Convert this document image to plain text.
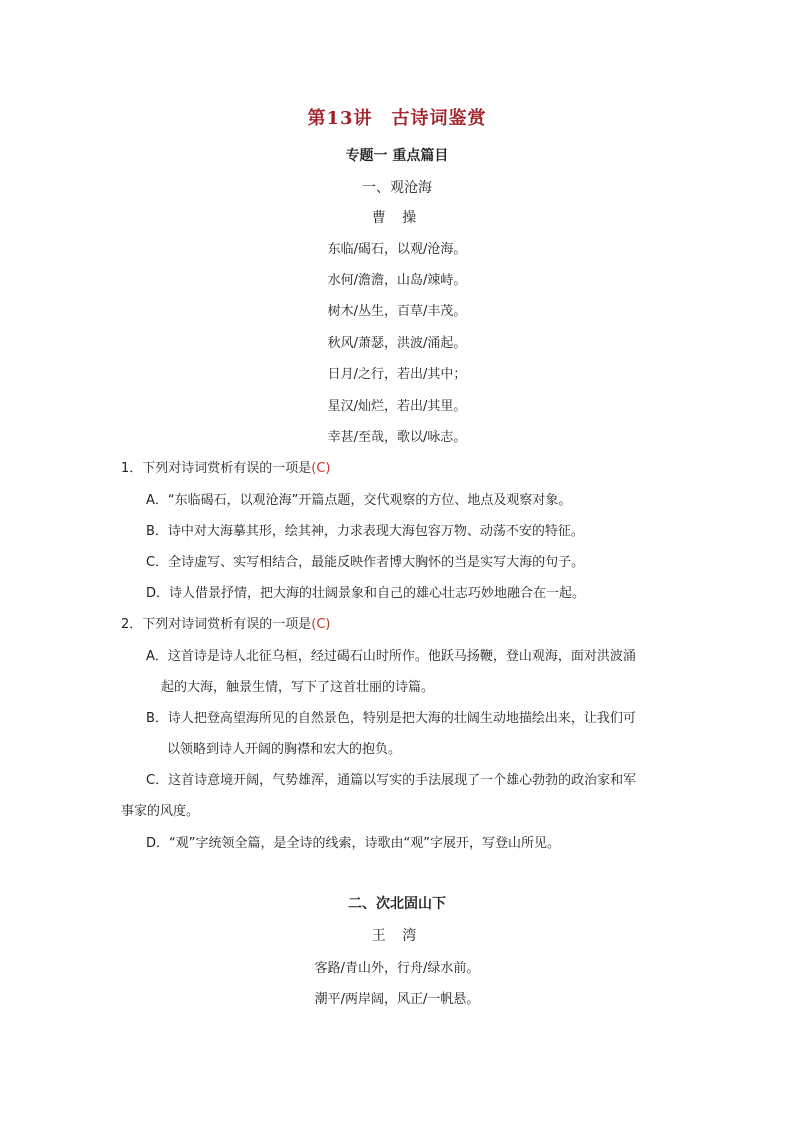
第13讲　古诗词鉴赏
专题一 重点篇目
一、观沧海
曹 操
东临/碣石，以观/沧海。
水何/澹澹，山岛/竦峙。
树木/丛生，百草/丰茂。
秋风/萧瑟，洪波/涌起。
日月/之行，若出/其中；
星汉/灿烂，若出/其里。
幸甚/至哉，歌以/咏志。
1．下列对诗词赏析有误的一项是(C)
A．“东临碣石，以观沧海”开篇点题，交代观察的方位、地点及观察对象。
B．诗中对大海摹其形，绘其神，力求表现大海包容万物、动荡不安的特征。
C．全诗虚写、实写相结合，最能反映作者博大胸怀的当是实写大海的句子。
D．诗人借景抒情，把大海的壮阔景象和自己的雄心壮志巧妙地融合在一起。
2．下列对诗词赏析有误的一项是(C)
A．这首诗是诗人北征乌桓，经过碣石山时所作。他跃马扬鞭，登山观海，面对洪波涌
起的大海，触景生情，写下了这首壮丽的诗篇。
B．诗人把登高望海所见的自然景色，特别是把大海的壮阔生动地描绘出来，让我们可
以领略到诗人开阔的胸襟和宏大的抱负。
C．这首诗意境开阔，气势雄浑，通篇以写实的手法展现了一个雄心勃勃的政治家和军
事家的风度。
D．“观”字统领全篇，是全诗的线索，诗歌由“观”字展开，写登山所见。
二、次北固山下
王 湾
客路/青山外，行舟/绿水前。
潮平/两岸阔，风正/一帆悬。
